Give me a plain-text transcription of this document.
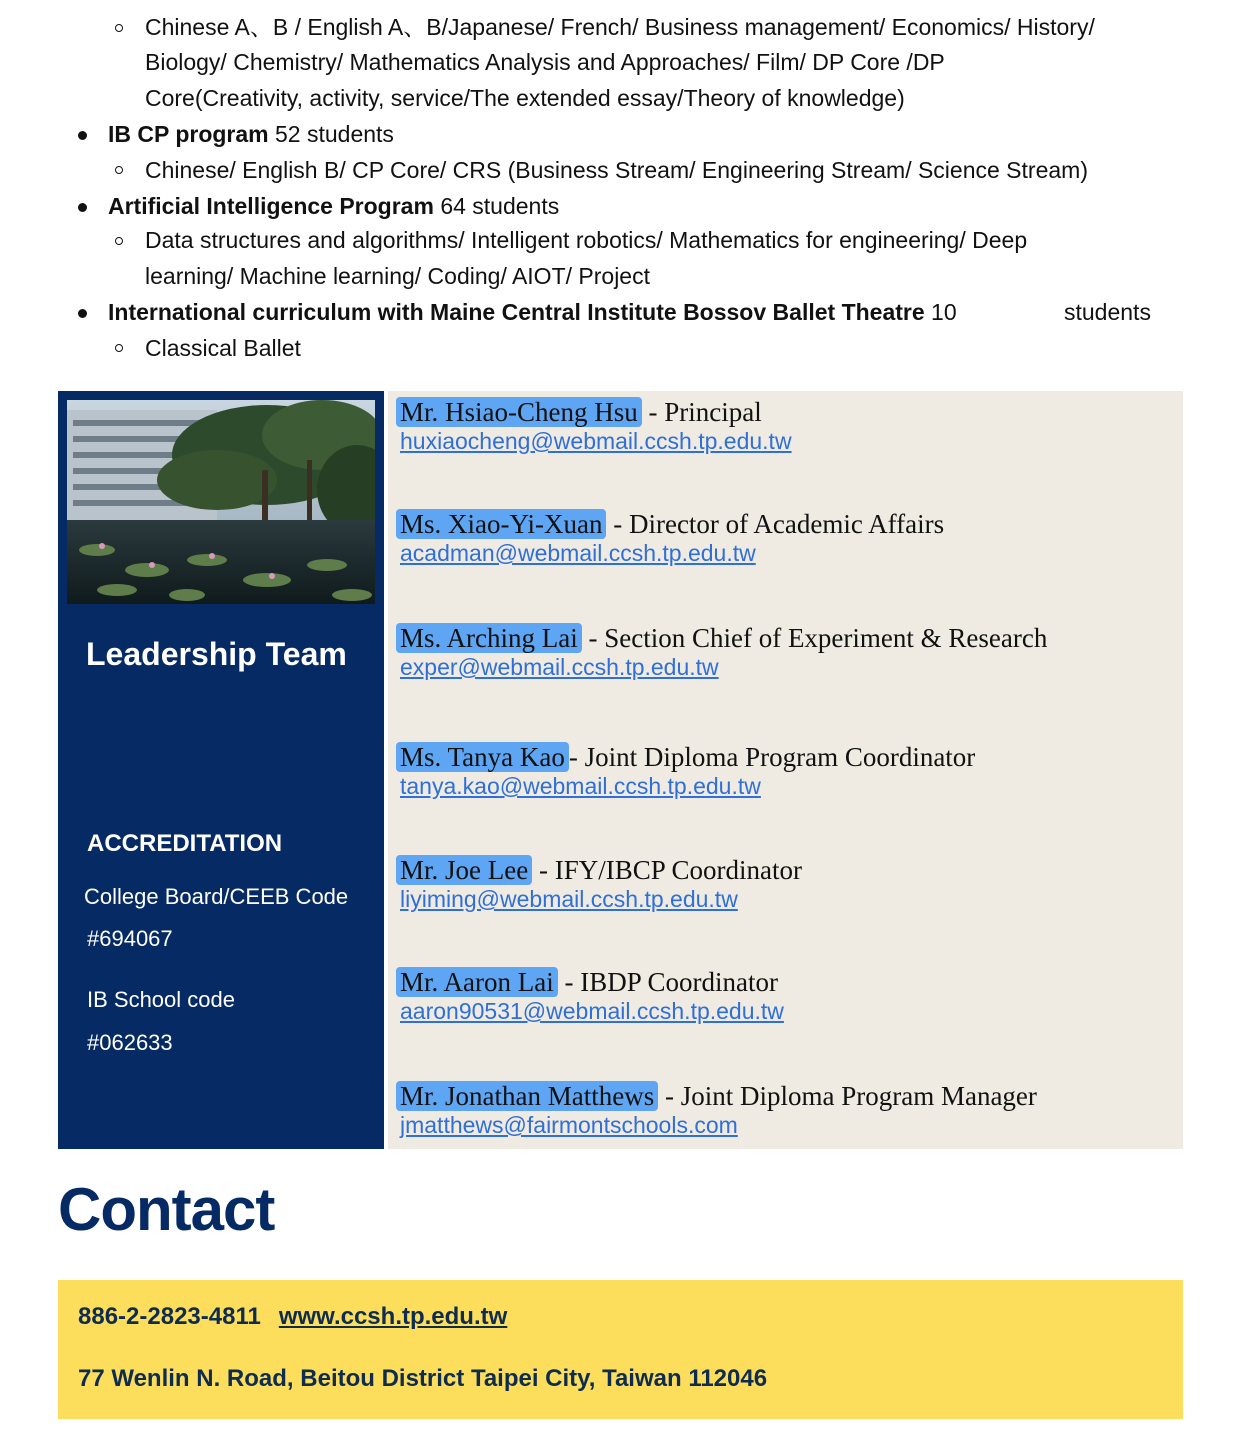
Chinese A、B / English A、B/Japanese/ French/ Business management/ Economics/ History/
Biology/ Chemistry/ Mathematics Analysis and Approaches/ Film/ DP Core /DP
Core(Creativity, activity, service/The extended essay/Theory of knowledge)
IB CP program 52 students
Chinese/ English B/ CP Core/ CRS (Business Stream/ Engineering Stream/ Science Stream)
Artificial Intelligence Program 64 students
Data structures and algorithms/ Intelligent robotics/ Mathematics for engineering/ Deep
learning/ Machine learning/ Coding/ AIOT/ Project
International curriculum with Maine Central Institute Bossov Ballet Theatre 10	students
Classical Ballet
Leadership Team
ACCREDITATION
College Board/CEEB Code
#694067
IB School code
#062633
Mr. Hsiao-Cheng Hsu - Principal
huxiaocheng@webmail.ccsh.tp.edu.tw
Ms. Xiao-Yi-Xuan - Director of Academic Affairs
acadman@webmail.ccsh.tp.edu.tw
Ms. Arching Lai - Section Chief of Experiment & Research
exper@webmail.ccsh.tp.edu.tw
Ms. Tanya Kao - Joint Diploma Program Coordinator
tanya.kao@webmail.ccsh.tp.edu.tw
Mr. Joe Lee - IFY/IBCP Coordinator
liyiming@webmail.ccsh.tp.edu.tw
Mr. Aaron Lai - IBDP Coordinator
aaron90531@webmail.ccsh.tp.edu.tw
Mr. Jonathan Matthews - Joint Diploma Program Manager
jmatthews@fairmontschools.com
Contact
886-2-2823-4811 www.ccsh.tp.edu.tw
77 Wenlin N. Road, Beitou District Taipei City, Taiwan 112046
